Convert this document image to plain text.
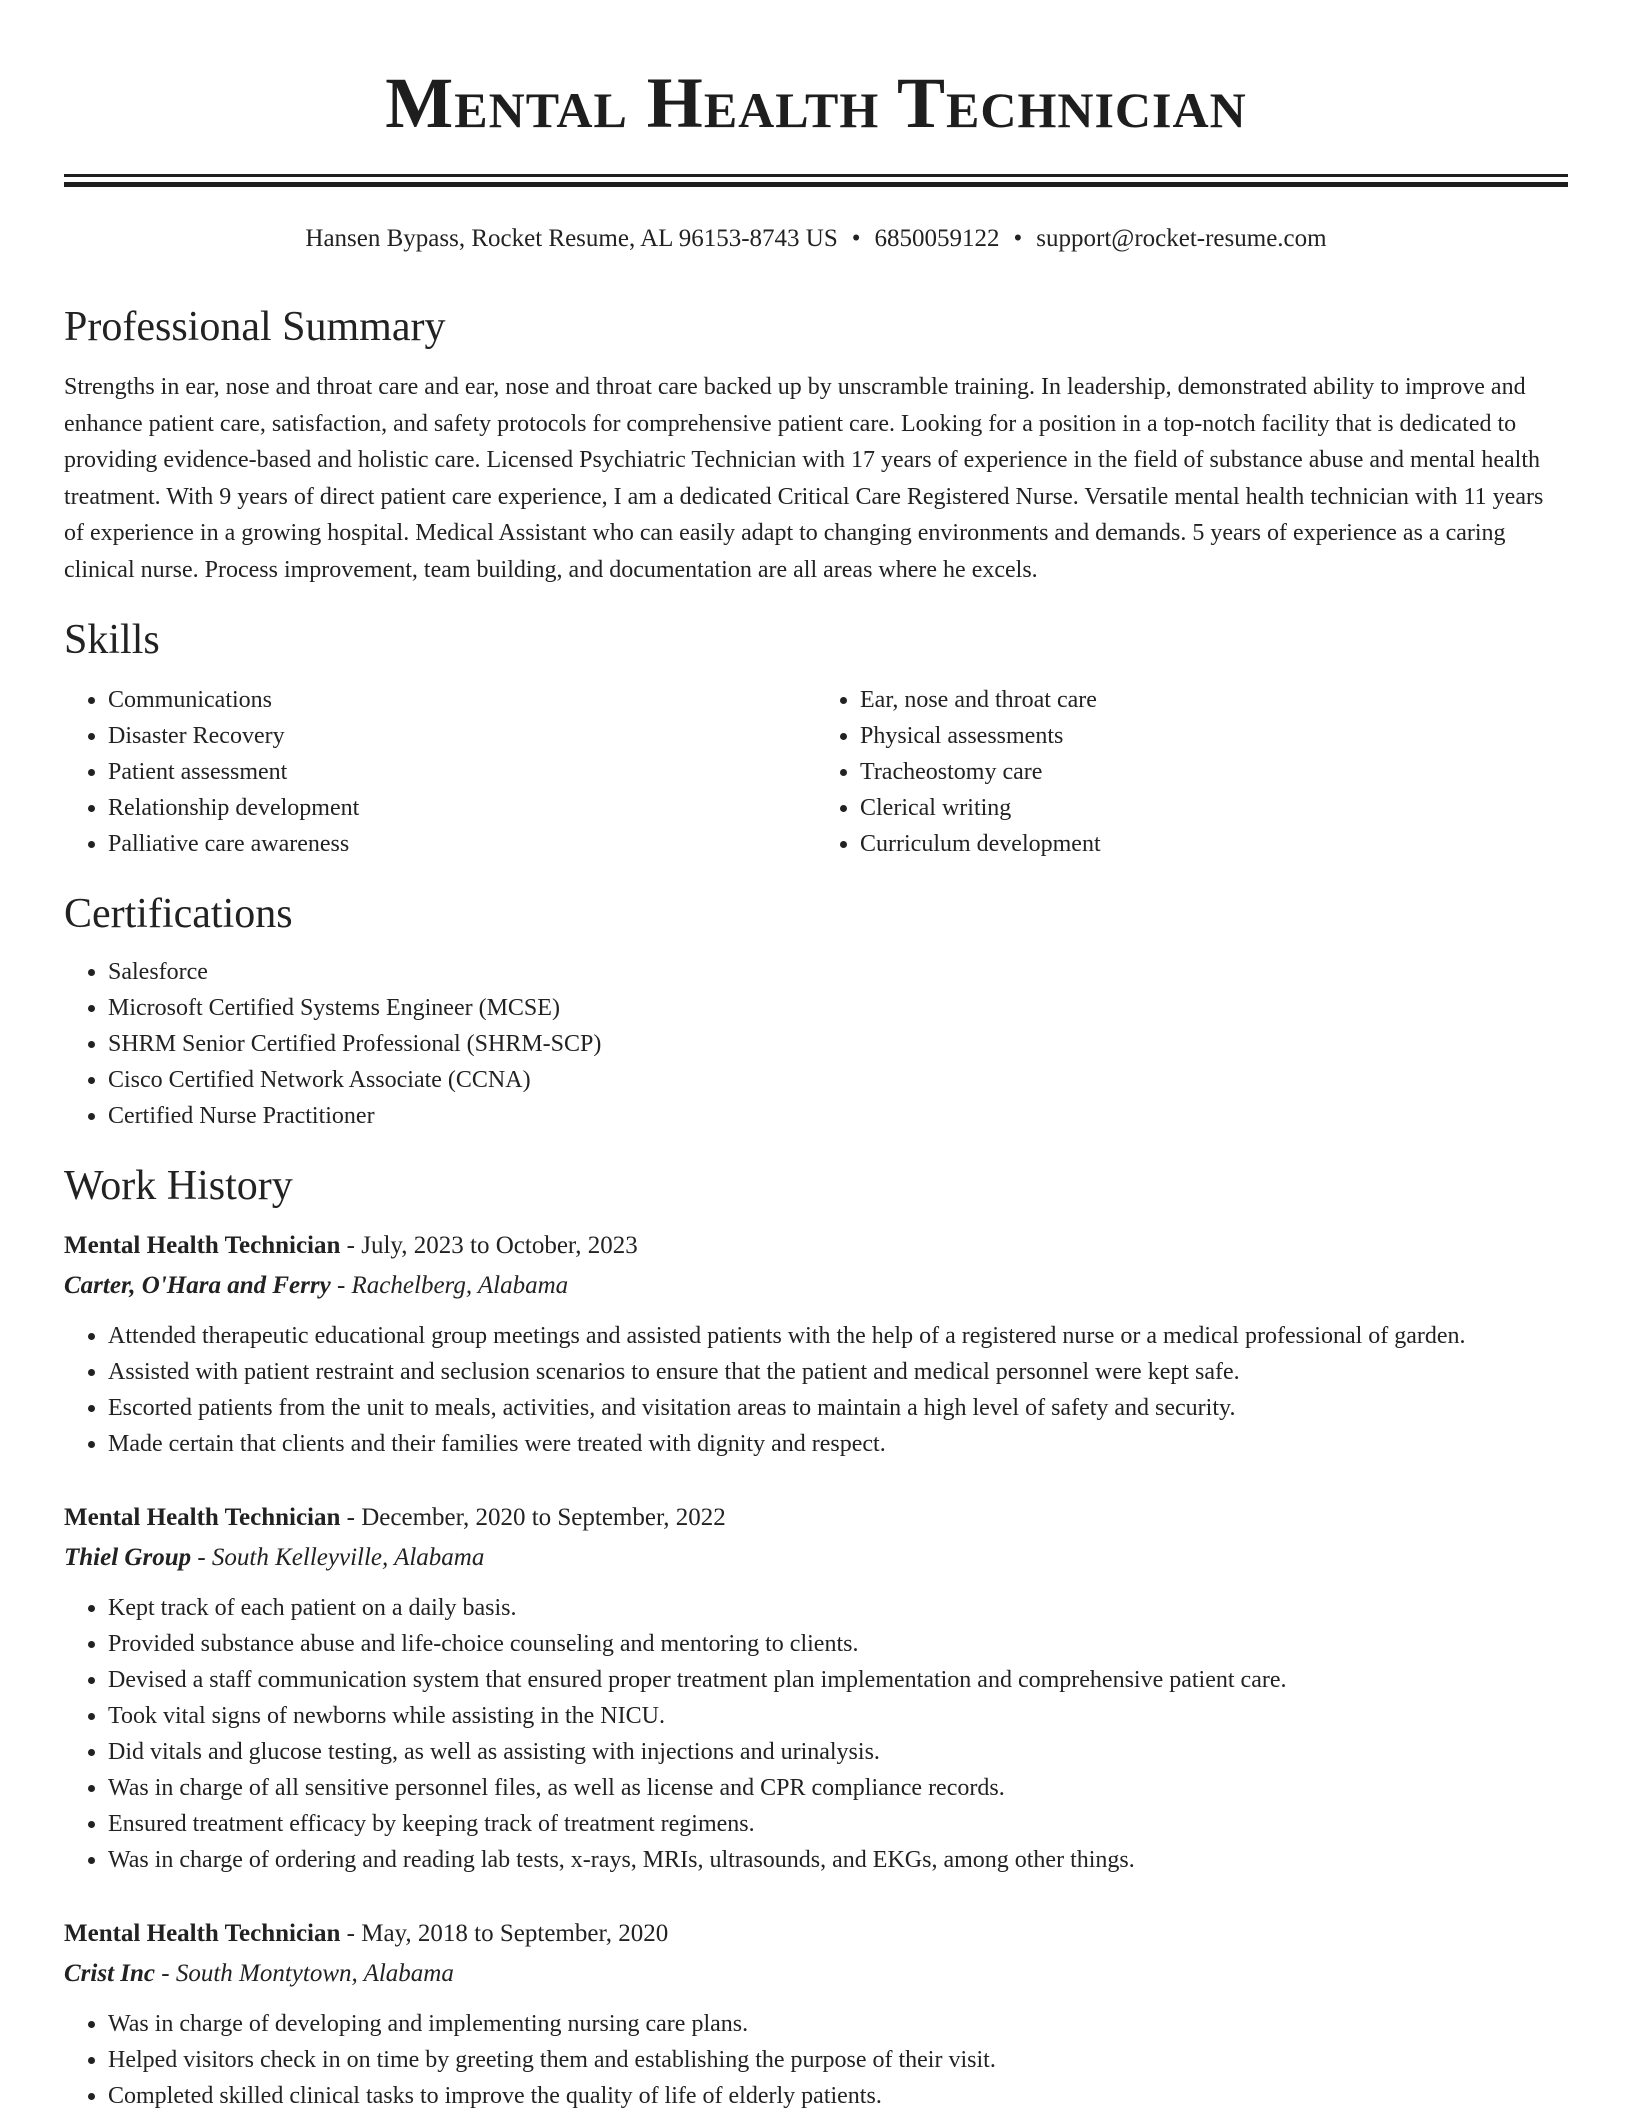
Mental Health Technician
Hansen Bypass, Rocket Resume, AL 96153-8743 US • 6850059122 • support@rocket-resume.com
Professional Summary

Strengths in ear, nose and throat care and ear, nose and throat care backed up by unscramble training. In leadership, demonstrated ability to improve and enhance patient care, satisfaction, and safety protocols for comprehensive patient care. Looking for a position in a top-notch facility that is dedicated to providing evidence-based and holistic care. Licensed Psychiatric Technician with 17 years of experience in the field of substance abuse and mental health treatment. With 9 years of direct patient care experience, I am a dedicated Critical Care Registered Nurse. Versatile mental health technician with 11 years of experience in a growing hospital. Medical Assistant who can easily adapt to changing environments and demands. 5 years of experience as a caring clinical nurse. Process improvement, team building, and documentation are all areas where he excels.

Skills
• Communications
• Disaster Recovery
• Patient assessment
• Relationship development
• Palliative care awareness
• Ear, nose and throat care
• Physical assessments
• Tracheostomy care
• Clerical writing
• Curriculum development
Certifications
• Salesforce
• Microsoft Certified Systems Engineer (MCSE)
• SHRM Senior Certified Professional (SHRM-SCP)
• Cisco Certified Network Associate (CCNA)
• Certified Nurse Practitioner
Work History
Mental Health Technician - July, 2023 to October, 2023
Carter, O'Hara and Ferry - Rachelberg, Alabama
• Attended therapeutic educational group meetings and assisted patients with the help of a registered nurse or a medical professional of garden.
• Assisted with patient restraint and seclusion scenarios to ensure that the patient and medical personnel were kept safe.
• Escorted patients from the unit to meals, activities, and visitation areas to maintain a high level of safety and security.
• Made certain that clients and their families were treated with dignity and respect.
Mental Health Technician - December, 2020 to September, 2022
Thiel Group - South Kelleyville, Alabama
• Kept track of each patient on a daily basis.
• Provided substance abuse and life-choice counseling and mentoring to clients.
• Devised a staff communication system that ensured proper treatment plan implementation and comprehensive patient care.
• Took vital signs of newborns while assisting in the NICU.
• Did vitals and glucose testing, as well as assisting with injections and urinalysis.
• Was in charge of all sensitive personnel files, as well as license and CPR compliance records.
• Ensured treatment efficacy by keeping track of treatment regimens.
• Was in charge of ordering and reading lab tests, x-rays, MRIs, ultrasounds, and EKGs, among other things.
Mental Health Technician - May, 2018 to September, 2020
Crist Inc - South Montytown, Alabama
• Was in charge of developing and implementing nursing care plans.
• Helped visitors check in on time by greeting them and establishing the purpose of their visit.
• Completed skilled clinical tasks to improve the quality of life of elderly patients.
